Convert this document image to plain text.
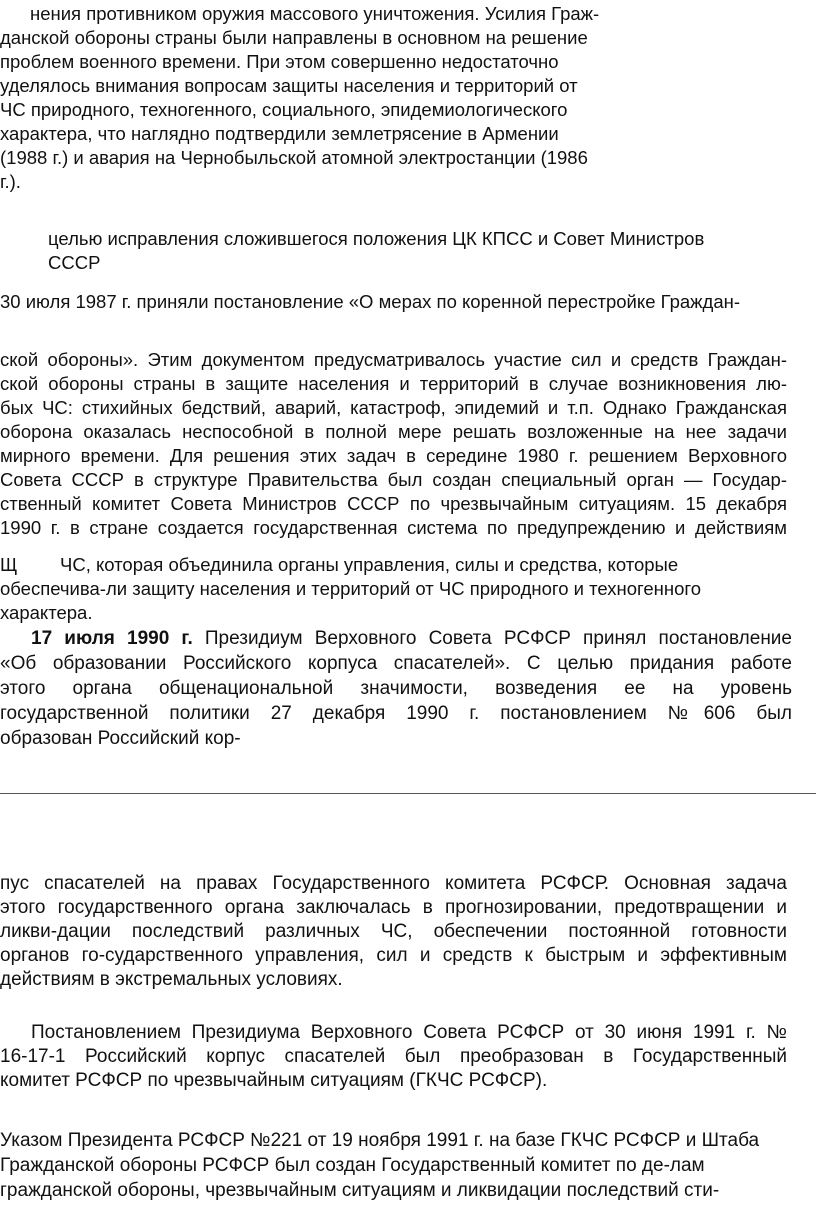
нения противником оружия массового уничтожения. Усилия Граж-
данской обороны страны были направлены в основном на решение
проблем военного времени. При этом совершенно недостаточно
уделялось внимания вопросам защиты населения и территорий от
ЧС природного, техногенного, социального, эпидемиологического
характера, что наглядно подтвердили землетрясение в Армении
(1988 г.) и авария на Чернобыльской атомной электростанции (1986
г.).
целью исправления сложившегося положения ЦК КПСС и Совет Министров
СССР
30 июля 1987 г. приняли постановление «О мерах по коренной перестройке Граждан-
ской обороны». Этим документом предусматривалось участие сил и средств Граждан-
ской обороны страны в защите населения и территорий в случае возникновения лю-
бых ЧС: стихийных бедствий, аварий, катастроф, эпидемий и т.п. Однако Гражданская
оборона оказалась неспособной в полной мере решать возложенные на нее задачи
мирного времени. Для решения этих задач в середине 1980 г. решением Верховного
Совета СССР в структуре Правительства был создан специальный орган — Государ-
ственный комитет Совета Министров СССР по чрезвычайным ситуациям. 15 декабря
1990 г. в стране создается государственная система по предупреждению и действиям
Щ ЧС, которая объединила органы управления, силы и средства, которые
обеспечива-ли защиту населения и территорий от ЧС природного и техногенного
характера.
17 июля 1990 г. Президиум Верховного Совета РСФСР принял постановление
«Об образовании Российского корпуса спасателей». С целью придания работе
этого органа общенациональной значимости, возведения ее на уровень
государственной политики 27 декабря 1990 г. постановлением №606 был
образован Российский кор-
пус спасателей на правах Государственного комитета РСФСР. Основная задача
этого государственного органа заключалась в прогнозировании, предотвращении и
ликви-дации последствий различных ЧС, обеспечении постоянной готовности
органов го-сударственного управления, сил и средств к быстрым и эффективным
действиям в экстремальных условиях.
Постановлением Президиума Верховного Совета РСФСР от 30 июня 1991 г. №
16-17-1 Российский корпус спасателей был преобразован в Государственный
комитет РСФСР по чрезвычайным ситуациям (ГКЧС РСФСР).
Указом Президента РСФСР №221 от 19 ноября 1991 г. на базе ГКЧС РСФСР и Штаба
Гражданской обороны РСФСР был создан Государственный комитет по де-лам
гражданской обороны, чрезвычайным ситуациям и ликвидации последствий сти-
